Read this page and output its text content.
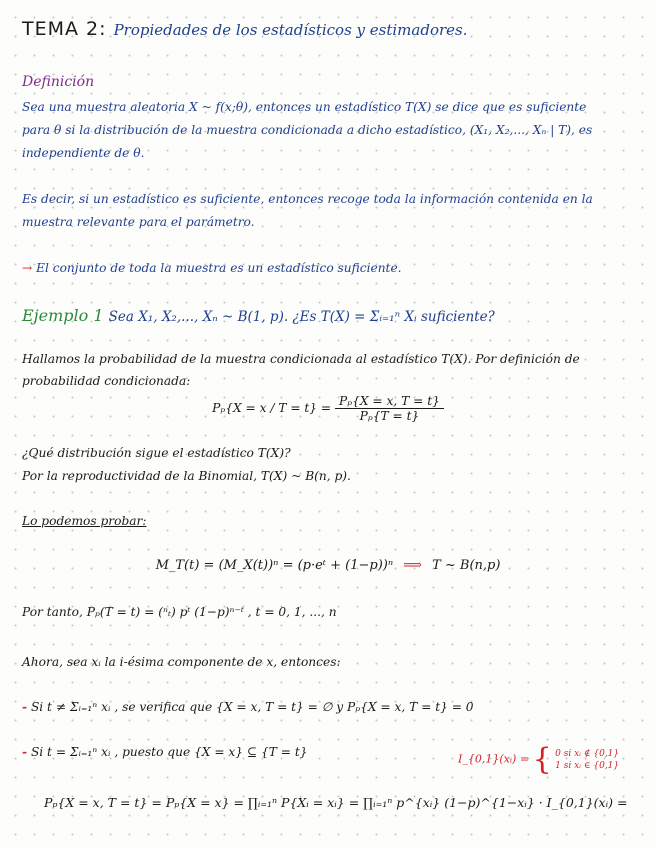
TEMA 2: Propiedades de los estadísticos y estimadores.
Definición
Sea una muestra aleatoria X ~ f(x;θ), entonces un estadístico T(X) se dice que es suficiente
para θ si la distribución de la muestra condicionada a dicho estadístico, (X₁, X₂,..., Xₙ | T), es
independiente de θ.
Es decir, si un estadístico es suficiente, entonces recoge toda la información contenida en la
muestra relevante para el parámetro.
→ El conjunto de toda la muestra es un estadístico suficiente.
Ejemplo 1 Sea X₁, X₂,..., Xₙ ~ B(1, p). ¿Es T(X) = Σᵢ₌₁ⁿ Xᵢ suficiente?
Hallamos la probabilidad de la muestra condicionada al estadístico T(X). Por definición de
probabilidad condicionada:
$P_p\{X = x / T = t\} = \frac{\text{Pₚ\{X = x, T = t\}}}{\text{Pₚ\{T = t\}}}$
¿Qué distribución sigue el estadístico T(X)?
Por la reproductividad de la Binomial, T(X) ~ B(n, p).
Lo podemos probar:
M_T(t) = (M_X(t))ⁿ = (p·eᵗ + (1−p))ⁿ ⟹ T ~ B(n,p)
Por tanto, Pₚ(T = t) = (ⁿₜ) pᵗ (1−p)ⁿ⁻ᵗ , t = 0, 1, ..., n
Ahora, sea xᵢ la i-ésima componente de x, entonces:
- Si t ≠ Σᵢ₌₁ⁿ xᵢ , se verifica que {X = x, T = t} = ∅ y Pₚ{X = x, T = t} = 0
- Si t = Σᵢ₌₁ⁿ xᵢ , puesto que {X = x} ⊆ {T = t}	I_{0,1}(xᵢ) = { 0 si xᵢ ∉ {0,1}
1 si xᵢ ∈ {0,1}
Pₚ{X = x, T = t} = Pₚ{X = x} = ∏ᵢ₌₁ⁿ P{Xᵢ = xᵢ} = ∏ᵢ₌₁ⁿ p^{xᵢ} (1−p)^{1−xᵢ} · I_{0,1}(xᵢ) =
